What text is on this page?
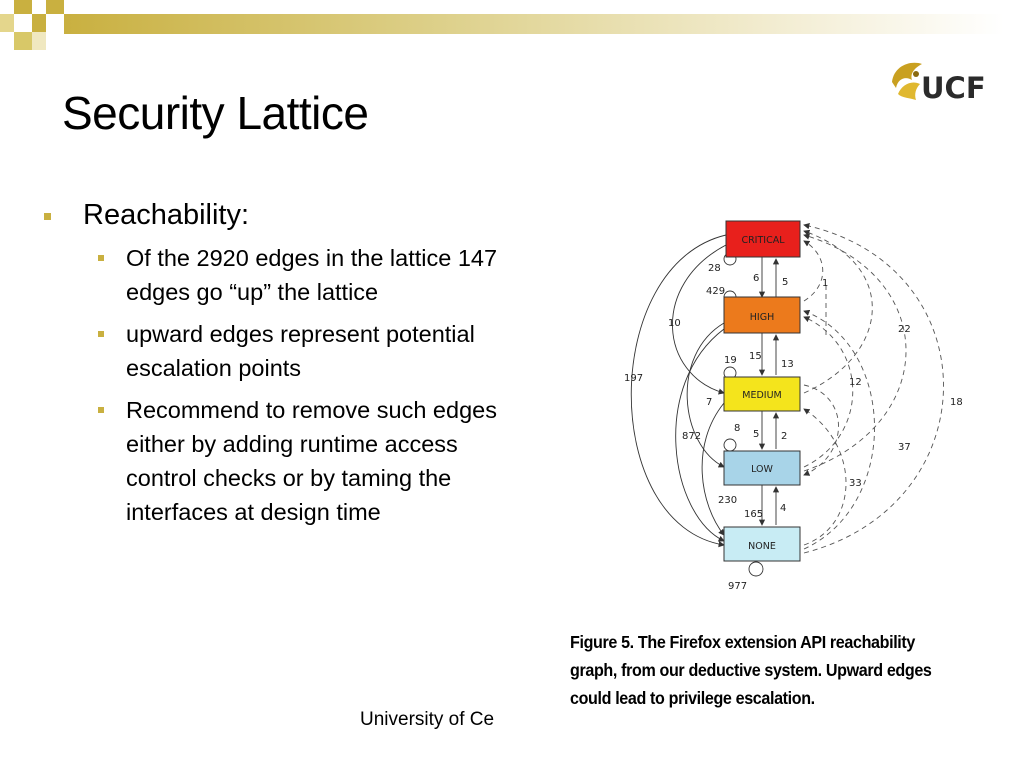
UCF
Security Lattice
Reachability:
Of the 2920 edges in the lattice 147 edges go “up” the lattice
upward edges represent potential escalation points
Recommend to remove such edges either by adding runtime access control checks or by taming the interfaces at design time
CRITICAL
HIGH
MEDIUM
LOW
NONE
28
429
19
8
977
6 5
15
13
5 2
165
4
10
197
7
872
230
1
22
12
18
37
33

Figure 5. The Firefox extension API reachability graph, from our deductive system. Upward edges could lead to privilege escalation.

University of Ce
